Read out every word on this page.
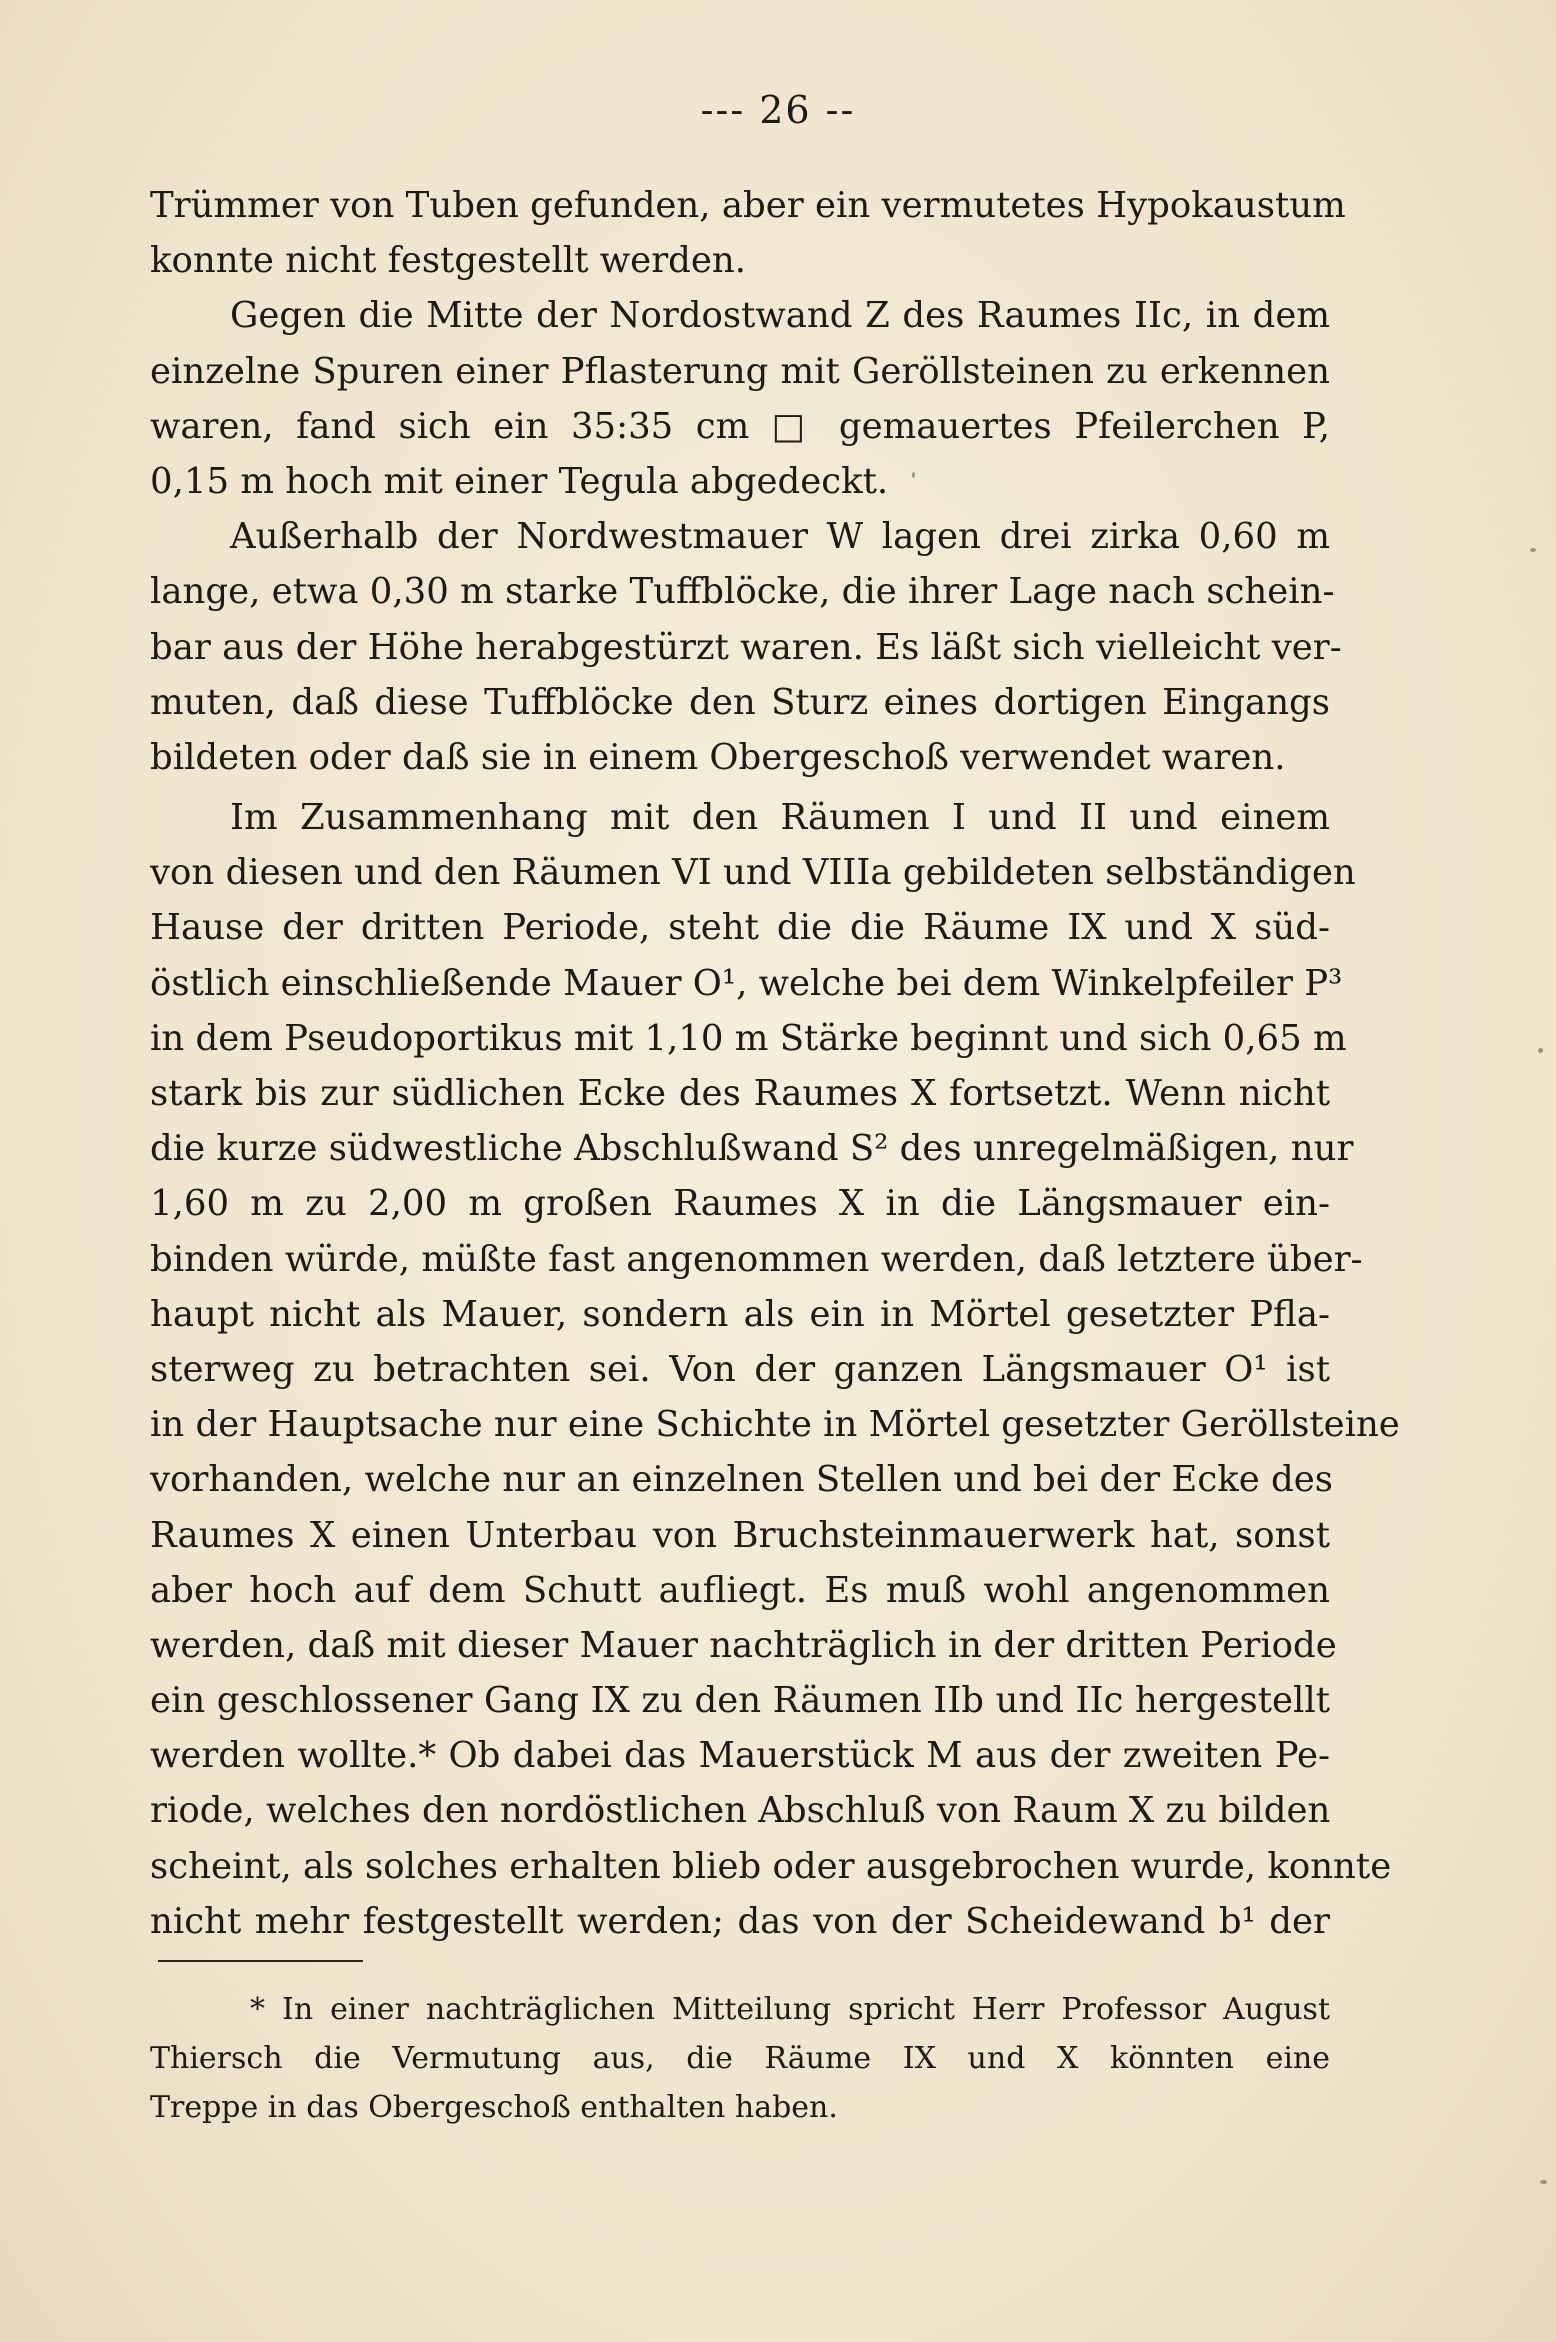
--- 26 --
Trümmer von Tuben gefunden, aber ein vermutetes Hypokaustum
konnte nicht festgestellt werden.
Gegen die Mitte der Nordostwand Z des Raumes IIc, in dem
einzelne Spuren einer Pflasterung mit Geröllsteinen zu erkennen
waren, fand sich ein 35:35 cm □ gemauertes Pfeilerchen P,
0,15 m hoch mit einer Tegula abgedeckt.
Außerhalb der Nordwestmauer W lagen drei zirka 0,60 m
lange, etwa 0,30 m starke Tuffblöcke, die ihrer Lage nach schein-
bar aus der Höhe herabgestürzt waren. Es läßt sich vielleicht ver-
muten, daß diese Tuffblöcke den Sturz eines dortigen Eingangs
bildeten oder daß sie in einem Obergeschoß verwendet waren.
Im Zusammenhang mit den Räumen I und II und einem
von diesen und den Räumen VI und VIIIa gebildeten selbständigen
Hause der dritten Periode, steht die die Räume IX und X süd-
östlich einschließende Mauer O¹, welche bei dem Winkelpfeiler P³
in dem Pseudoportikus mit 1,10 m Stärke beginnt und sich 0,65 m
stark bis zur südlichen Ecke des Raumes X fortsetzt. Wenn nicht
die kurze südwestliche Abschlußwand S² des unregelmäßigen, nur
1,60 m zu 2,00 m großen Raumes X in die Längsmauer ein-
binden würde, müßte fast angenommen werden, daß letztere über-
haupt nicht als Mauer, sondern als ein in Mörtel gesetzter Pfla-
sterweg zu betrachten sei. Von der ganzen Längsmauer O¹ ist
in der Hauptsache nur eine Schichte in Mörtel gesetzter Geröllsteine
vorhanden, welche nur an einzelnen Stellen und bei der Ecke des
Raumes X einen Unterbau von Bruchsteinmauerwerk hat, sonst
aber hoch auf dem Schutt aufliegt. Es muß wohl angenommen
werden, daß mit dieser Mauer nachträglich in der dritten Periode
ein geschlossener Gang IX zu den Räumen IIb und IIc hergestellt
werden wollte.* Ob dabei das Mauerstück M aus der zweiten Pe-
riode, welches den nordöstlichen Abschluß von Raum X zu bilden
scheint, als solches erhalten blieb oder ausgebrochen wurde, konnte
nicht mehr festgestellt werden; das von der Scheidewand b¹ der
* In einer nachträglichen Mitteilung spricht Herr Professor August
Thiersch die Vermutung aus, die Räume IX und X könnten eine
Treppe in das Obergeschoß enthalten haben.
